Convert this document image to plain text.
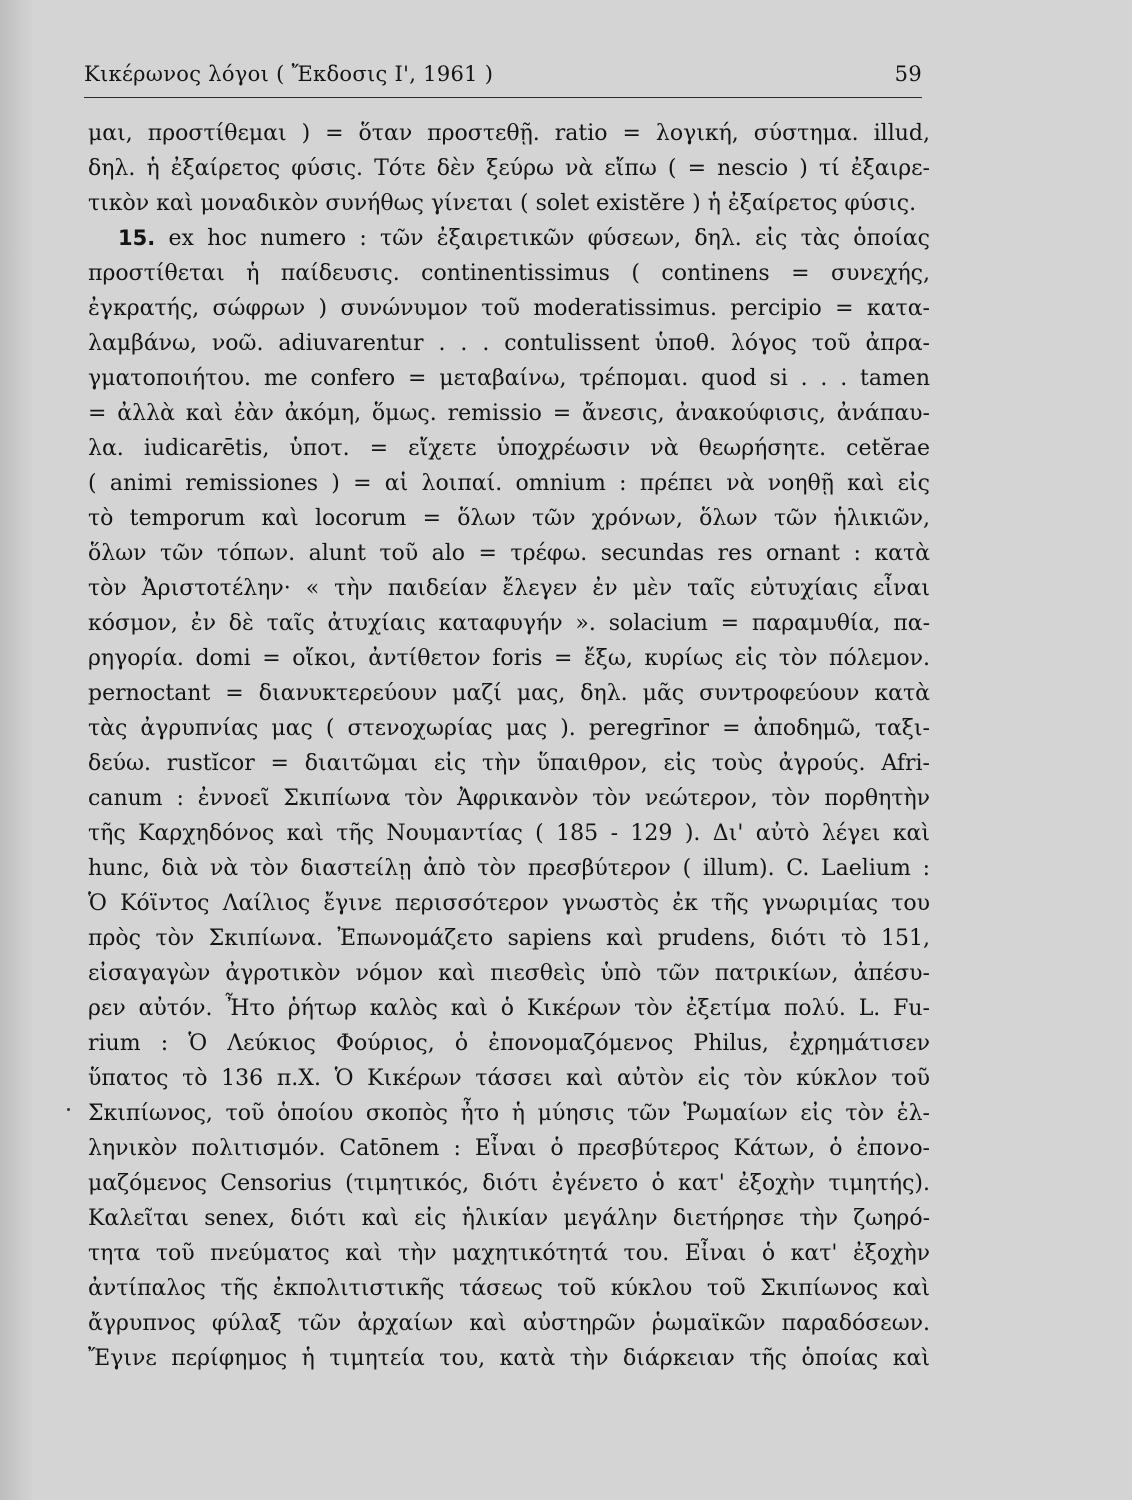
Κικέρωνος λόγοι ( Ἔκδοσις Ι', 1961 )	59
μαι, προστίθεμαι ) = ὅταν προστεθῇ. ratio = λογική, σύστημα. illud,
δηλ. ἡ ἐξαίρετος φύσις. Τότε δὲν ξεύρω νὰ εἴπω ( = nescio ) τί ἐξαιρε-
τικὸν καὶ μοναδικὸν συνήθως γίνεται ( solet existĕre ) ἡ ἐξαίρετος φύσις.
15. ex hoc numero : τῶν ἐξαιρετικῶν φύσεων, δηλ. εἰς τὰς ὁποίας
προστίθεται ἡ παίδευσις. continentissimus ( continens = συνεχής,
ἐγκρατής, σώφρων ) συνώνυμον τοῦ moderatissimus. percipio = κατα-
λαμβάνω, νοῶ. adiuvarentur . . . contulissent ὑποθ. λόγος τοῦ ἀπρα-
γματοποιήτου. me confero = μεταβαίνω, τρέπομαι. quod si . . . tamen
= ἀλλὰ καὶ ἐὰν ἀκόμη, ὅμως. remissio = ἄνεσις, ἀνακούφισις, ἀνάπαυ-
λα. iudicarētis, ὑποτ. = εἴχετε ὑποχρέωσιν νὰ θεωρήσητε. cetĕrae
( animi remissiones ) = αἱ λοιπαί. omnium : πρέπει νὰ νοηθῇ καὶ εἰς
τὸ temporum καὶ locorum = ὅλων τῶν χρόνων, ὅλων τῶν ἡλικιῶν,
ὅλων τῶν τόπων. alunt τοῦ alo = τρέφω. secundas res ornant : κατὰ
τὸν Ἀριστοτέλην· « τὴν παιδείαν ἔλεγεν ἐν μὲν ταῖς εὐτυχίαις εἶναι
κόσμον, ἐν δὲ ταῖς ἀτυχίαις καταφυγήν ». solacium = παραμυθία, πα-
ρηγορία. domi = οἴκοι, ἀντίθετον foris = ἔξω, κυρίως εἰς τὸν πόλεμον.
pernoctant = διανυκτερεύουν μαζί μας, δηλ. μᾶς συντροφεύουν κατὰ
τὰς ἀγρυπνίας μας ( στενοχωρίας μας ). peregrīnor = ἀποδημῶ, ταξι-
δεύω. rustĭcor = διαιτῶμαι εἰς τὴν ὕπαιθρον, εἰς τοὺς ἀγρούς. Afri-
canum : ἐννοεῖ Σκιπίωνα τὸν Ἀφρικανὸν τὸν νεώτερον, τὸν πορθητὴν
τῆς Καρχηδόνος καὶ τῆς Νουμαντίας ( 185 - 129 ). Δι' αὐτὸ λέγει καὶ
hunc, διὰ νὰ τὸν διαστείλῃ ἀπὸ τὸν πρεσβύτερον ( illum). C. Laelium :
Ὁ Κόϊντος Λαίλιος ἔγινε περισσότερον γνωστὸς ἐκ τῆς γνωριμίας του
πρὸς τὸν Σκιπίωνα. Ἐπωνομάζετο sapiens καὶ prudens, διότι τὸ 151,
εἰσαγαγὼν ἀγροτικὸν νόμον καὶ πιεσθεὶς ὑπὸ τῶν πατρικίων, ἀπέσυ-
ρεν αὐτόν. Ἦτο ῥήτωρ καλὸς καὶ ὁ Κικέρων τὸν ἐξετίμα πολύ. L. Fu-
rium : Ὁ Λεύκιος Φούριος, ὁ ἐπονομαζόμενος Philus, ἐχρημάτισεν
ὕπατος τὸ 136 π.Χ. Ὁ Κικέρων τάσσει καὶ αὐτὸν εἰς τὸν κύκλον τοῦ
Σκιπίωνος, τοῦ ὁποίου σκοπὸς ἦτο ἡ μύησις τῶν Ῥωμαίων εἰς τὸν ἑλ-
ληνικὸν πολιτισμόν. Catōnem : Εἶναι ὁ πρεσβύτερος Κάτων, ὁ ἐπονο-
μαζόμενος Censorius (τιμητικός, διότι ἐγένετο ὁ κατ' ἐξοχὴν τιμητής).
Καλεῖται senex, διότι καὶ εἰς ἡλικίαν μεγάλην διετήρησε τὴν ζωηρό-
τητα τοῦ πνεύματος καὶ τὴν μαχητικότητά του. Εἶναι ὁ κατ' ἐξοχὴν
ἀντίπαλος τῆς ἐκπολιτιστικῆς τάσεως τοῦ κύκλου τοῦ Σκιπίωνος καὶ
ἄγρυπνος φύλαξ τῶν ἀρχαίων καὶ αὐστηρῶν ῥωμαϊκῶν παραδόσεων.
Ἔγινε περίφημος ἡ τιμητεία του, κατὰ τὴν διάρκειαν τῆς ὁποίας καὶ
